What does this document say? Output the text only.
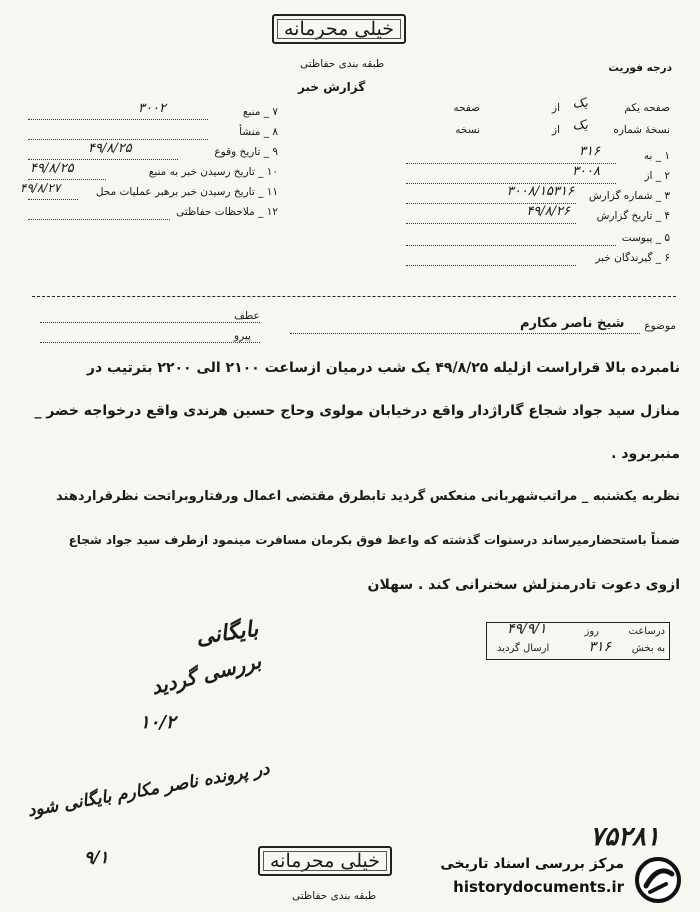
خیلی محرمانه
طبقه بندی حفاظتی	درجه فوریت
گزارش خبر
۷ _ منبع
۳۰۰۲
۸ _ منشأ
۹ _ تاریخ وقوع
۴۹/۸/۲۵
۱۰ _ تاریخ رسیدن خبر به منبع
۴۹/۸/۲۵
۱۱ _ تاریخ رسیدن خبر برهبر عملیات محل
۴۹/۸/۲۷
۱۲ _ ملاحظات حفاظتی
صفحه یکم
از یک
صفحه
نسخهٔ شماره
از یک
نسخه
۱ _ به
۳۱۶
۲ _ از
۳۰۰۸
۳ _ شماره گزارش
۳۰۰۸/۱۵۳۱۶
۴ _ تاریخ گزارش
۴۹/۸/۲۶
۵ _ پیوست
۶ _ گیرندگان خبر
عطف
پیرو
موضوع
شیخ ناصر مکارم
نامبرده بالا قراراست ازلیله ۴۹/۸/۲۵ یک شب درمیان ازساعت ۲۱۰۰ الی ۲۲۰۰ بترتیب در
منازل سید جواد شجاع گاراژدار واقع درخیابان مولوی وحاج حسین هرندی واقع درخواجه خضر _
منبربرود .
نظربه یکشنبه _ مراتب‌شهربانی منعکس گردید تابطرق مقتضی اعمال ورفتاروبراتحت نظرقراردهند
ضمناً باستحضارمیرساند درسنوات گذشته که واعظ فوق بکرمان مسافرت مینمود ازطرف سید جواد شجاع
ازوی دعوت تادرمنزلش سخنرانی کند . سهلان
درساعت
روز
۴۹/۹/۱
به بخش
۳۱۶
ارسال گردید
بایگانی
بررسی گردید
۱۰/۲
در پرونده ناصر مکارم بایگانی شود
۹/۱
۷۵۲۸۱
خیلی محرمانه
طبقه بندی حفاظتی
مرکز بررسی اسناد تاریخی
historydocuments.ir
